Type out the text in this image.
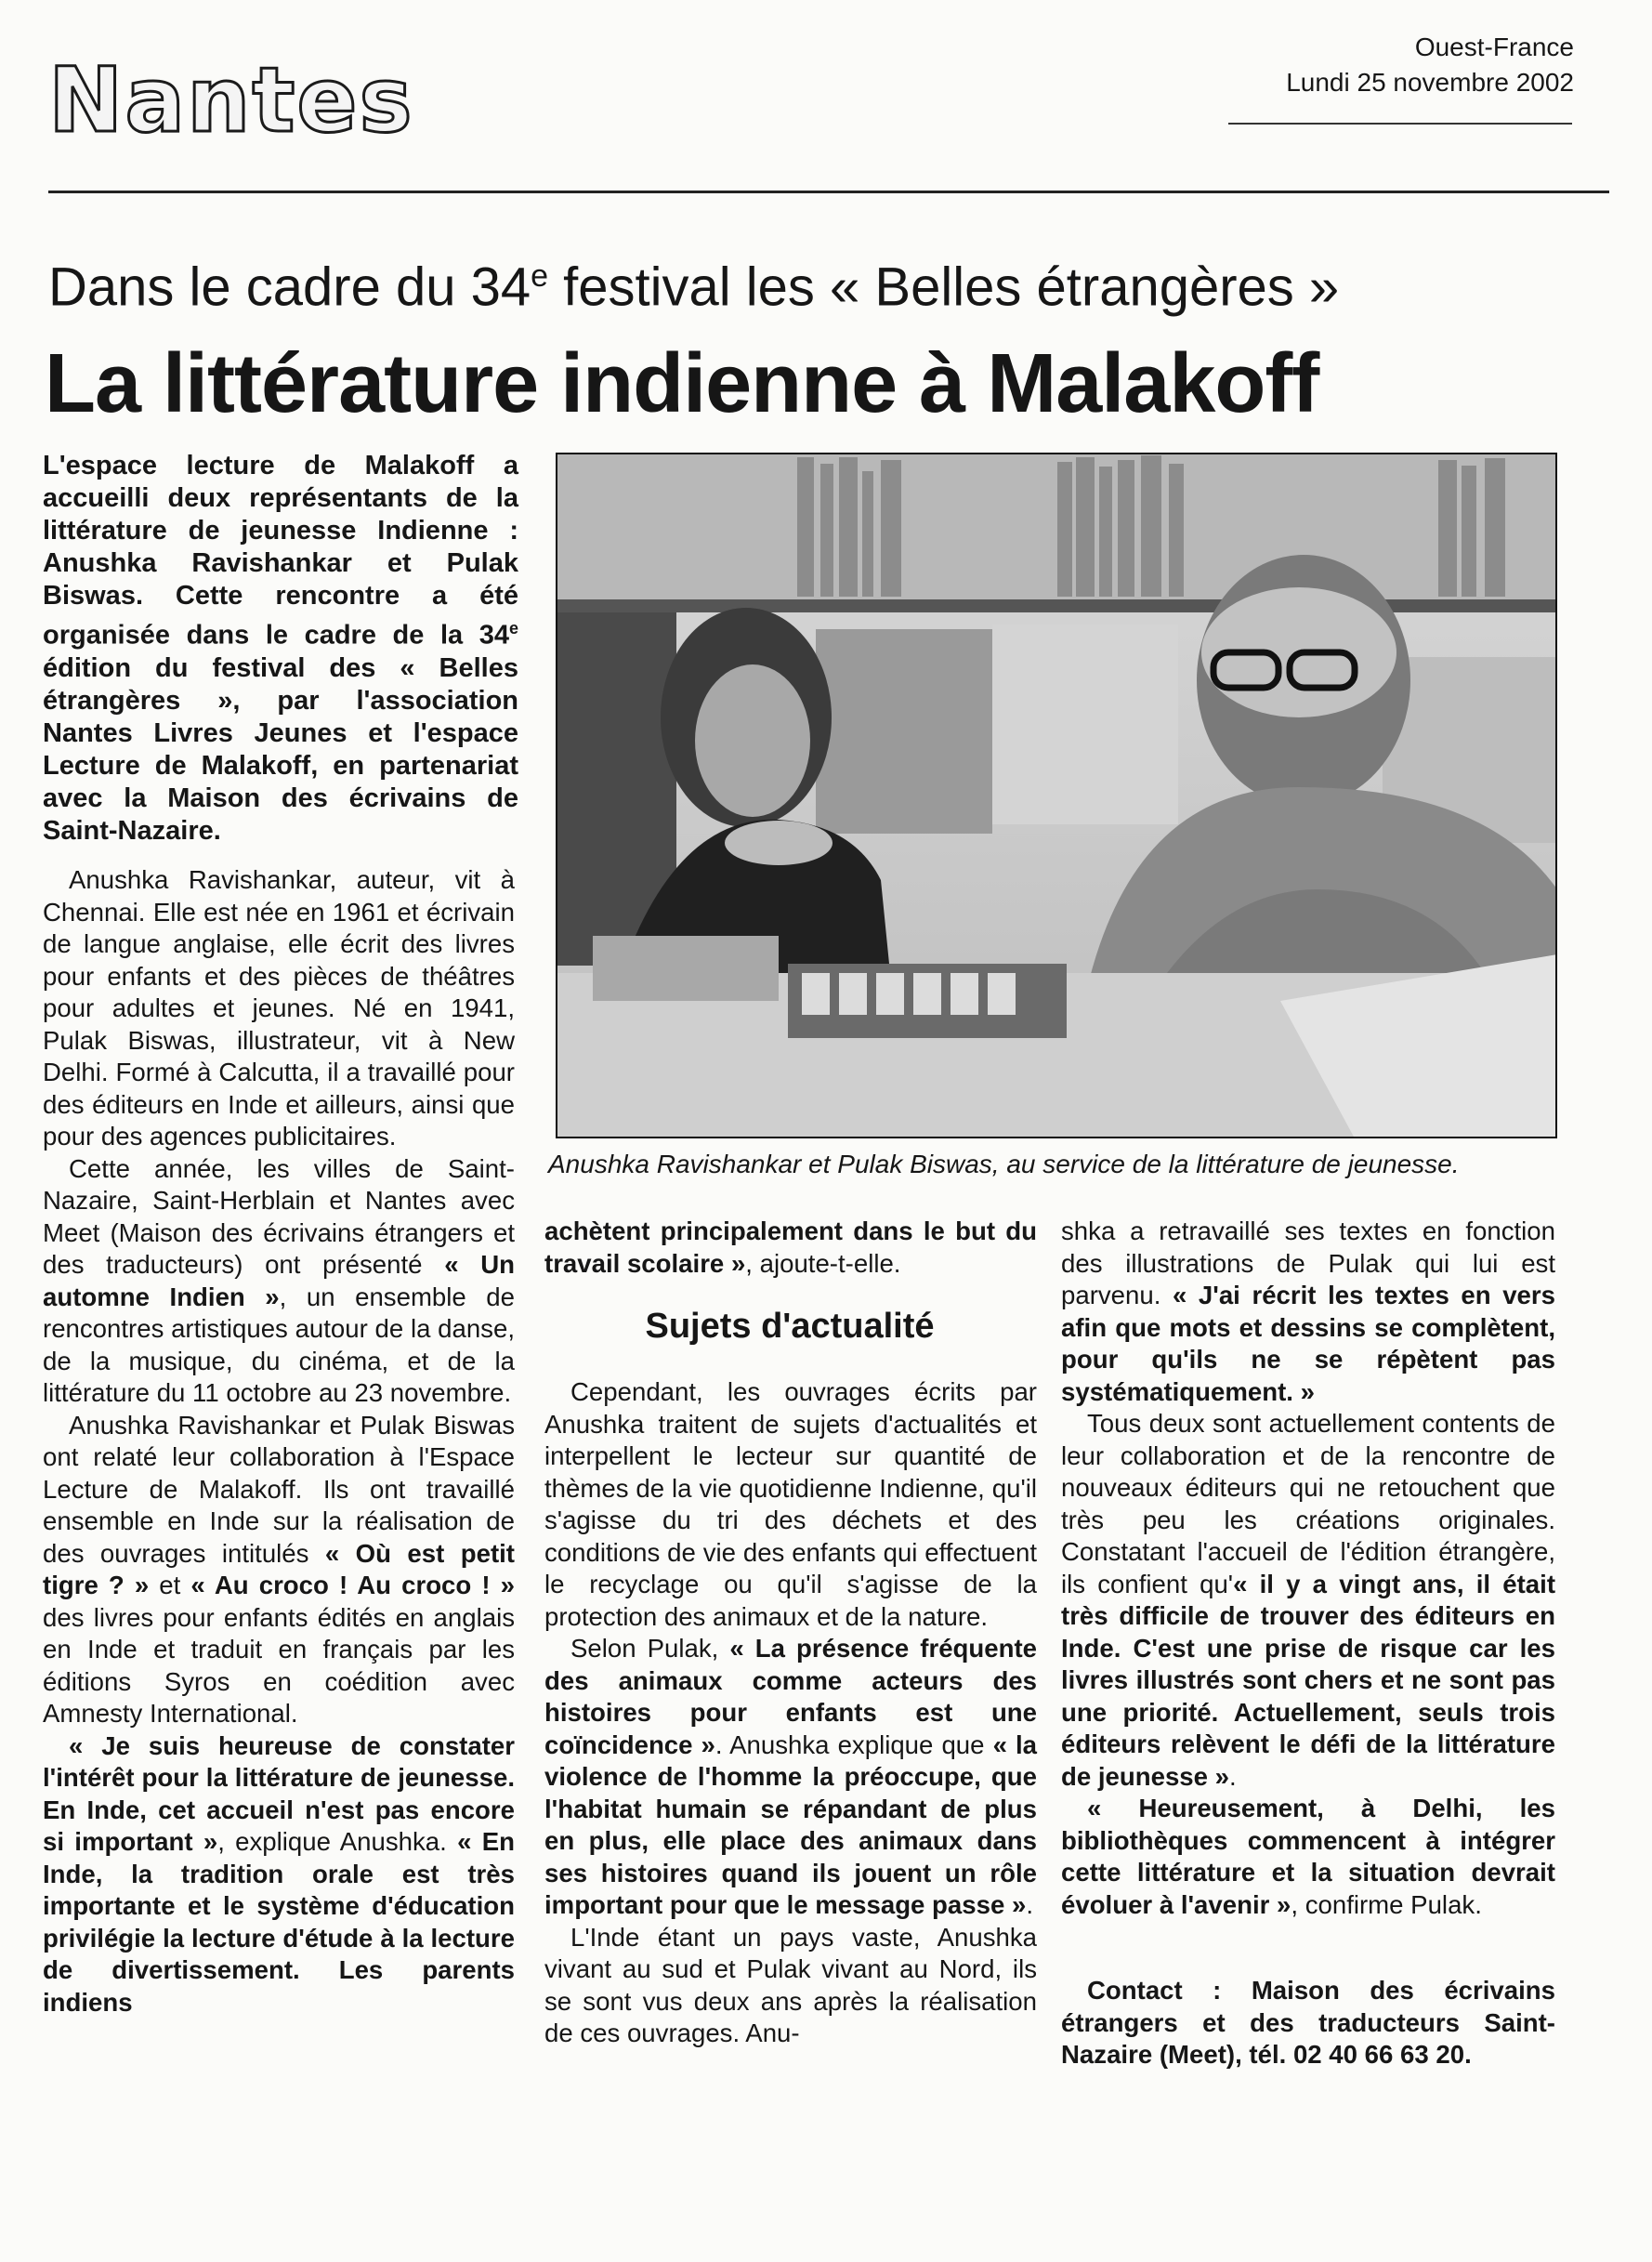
Nantes
Ouest-France
Lundi 25 novembre 2002
Dans le cadre du 34e festival les « Belles étrangères »
La littérature indienne à Malakoff
L'espace lecture de Malakoff a accueilli deux représentants de la littérature de jeunesse Indienne : Anushka Ravishankar et Pulak Biswas. Cette rencontre a été organisée dans le cadre de la 34e édition du festival des « Belles étrangères », par l'association Nantes Livres Jeunes et l'espace Lecture de Malakoff, en partenariat avec la Maison des écrivains de Saint-Nazaire.
Anushka Ravishankar et Pulak Biswas, au service de la littérature de jeunesse.

Anushka Ravishankar, auteur, vit à Chennai. Elle est née en 1961 et écrivain de langue anglaise, elle écrit des livres pour enfants et des pièces de théâtres pour adultes et jeunes. Né en 1941, Pulak Biswas, illustrateur, vit à New Delhi. Formé à Calcutta, il a travaillé pour des éditeurs en Inde et ailleurs, ainsi que pour des agences publicitaires.

Cette année, les villes de Saint-Nazaire, Saint-Herblain et Nantes avec Meet (Maison des écrivains étrangers et des traducteurs) ont présenté « Un automne Indien », un ensemble de rencontres artistiques autour de la danse, de la musique, du cinéma, et de la littérature du 11 octobre au 23 novembre.

Anushka Ravishankar et Pulak Biswas ont relaté leur collaboration à l'Espace Lecture de Malakoff. Ils ont travaillé ensemble en Inde sur la réalisation de des ouvrages intitulés « Où est petit tigre ? » et « Au croco ! Au croco ! » des livres pour enfants édités en anglais en Inde et traduit en français par les éditions Syros en coédition avec Amnesty International.

« Je suis heureuse de constater l'intérêt pour la littérature de jeunesse. En Inde, cet accueil n'est pas encore si important », explique Anushka. « En Inde, la tradition orale est très importante et le système d'éducation privilégie la lecture d'étude à la lecture de divertissement. Les parents indiens

achètent principalement dans le but du travail scolaire », ajoute-t-elle.

Cependant, les ouvrages écrits par Anushka traitent de sujets d'actualités et interpellent le lecteur sur quantité de thèmes de la vie quotidienne Indienne, qu'il s'agisse du tri des déchets et des conditions de vie des enfants qui effectuent le recyclage ou qu'il s'agisse de la protection des animaux et de la nature.

Selon Pulak, « La présence fréquente des animaux comme acteurs des histoires pour enfants est une coïncidence ». Anushka explique que « la violence de l'homme la préoccupe, que l'habitat humain se répandant de plus en plus, elle place des animaux dans ses histoires quand ils jouent un rôle important pour que le message passe ».

L'Inde étant un pays vaste, Anushka vivant au sud et Pulak vivant au Nord, ils se sont vus deux ans après la réalisation de ces ouvrages. Anu-

Sujets d'actualité

shka a retravaillé ses textes en fonction des illustrations de Pulak qui lui est parvenu. « J'ai récrit les textes en vers afin que mots et dessins se complètent, pour qu'ils ne se répètent pas systématiquement. »

Tous deux sont actuellement contents de leur collaboration et de la rencontre de nouveaux éditeurs qui ne retouchent que très peu les créations originales. Constatant l'accueil de l'édition étrangère, ils confient qu'« il y a vingt ans, il était très difficile de trouver des éditeurs en Inde. C'est une prise de risque car les livres illustrés sont chers et ne sont pas une priorité. Actuellement, seuls trois éditeurs relèvent le défi de la littérature de jeunesse ».

« Heureusement, à Delhi, les bibliothèques commencent à intégrer cette littérature et la situation devrait évoluer à l'avenir », confirme Pulak.

Contact : Maison des écrivains étrangers et des traducteurs Saint-Nazaire (Meet), tél. 02 40 66 63 20.
